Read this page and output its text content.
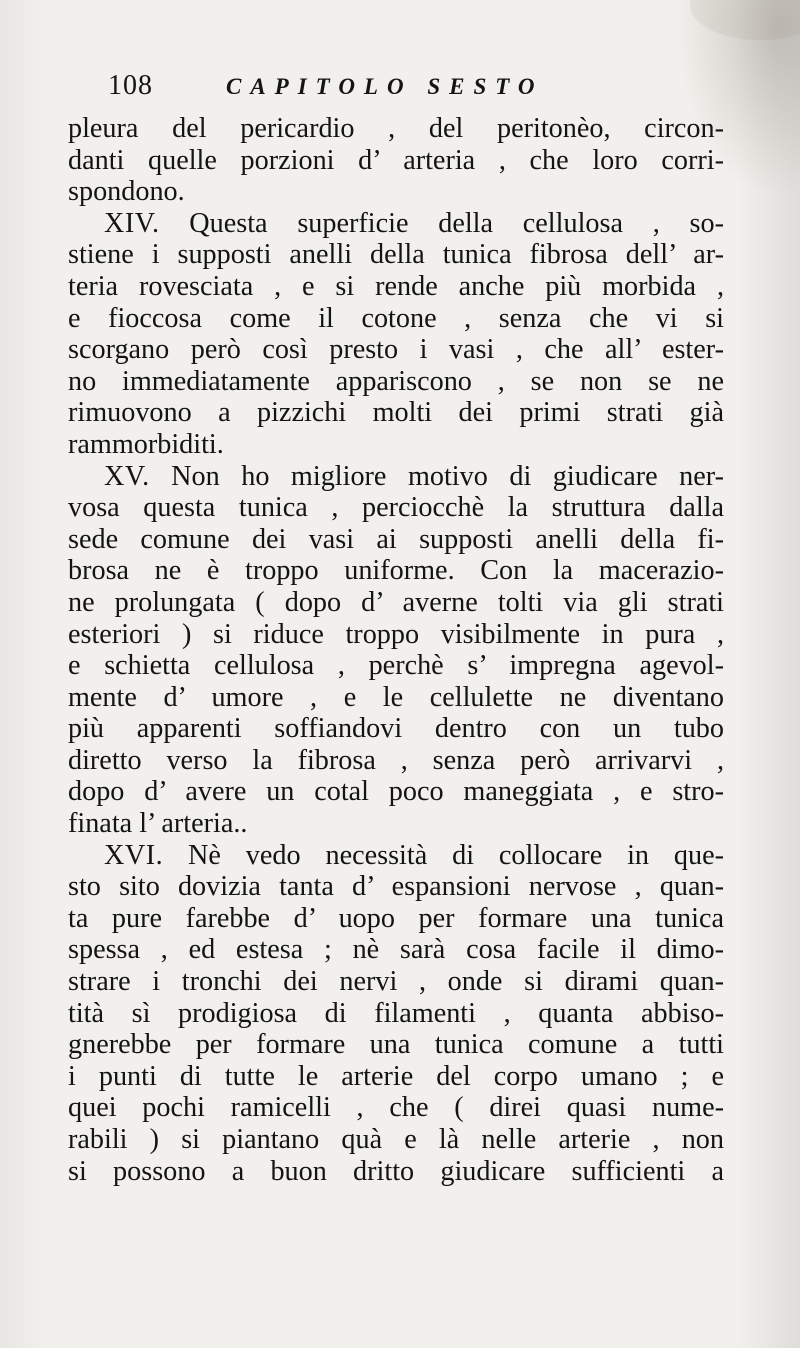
108	CAPITOLO SESTO
pleura del pericardio , del peritonèo, circon-
danti quelle porzioni d’ arteria , che loro corri-
spondono.
XIV. Questa superficie della cellulosa , so-
stiene i supposti anelli della tunica fibrosa dell’ ar-
teria rovesciata , e si rende anche più morbida ,
e fioccosa come il cotone , senza che vi si
scorgano però così presto i vasi , che all’ ester-
no immediatamente appariscono , se non se ne
rimuovono a pizzichi molti dei primi strati già
rammorbiditi.
XV. Non ho migliore motivo di giudicare ner-
vosa questa tunica , perciocchè la struttura dalla
sede comune dei vasi ai supposti anelli della fi-
brosa ne è troppo uniforme. Con la macerazio-
ne prolungata ( dopo d’ averne tolti via gli strati
esteriori ) si riduce troppo visibilmente in pura ,
e schietta cellulosa , perchè s’ impregna agevol-
mente d’ umore , e le cellulette ne diventano
più apparenti soffiandovi dentro con un tubo
diretto verso la fibrosa , senza però arrivarvi ,
dopo d’ avere un cotal poco maneggiata , e stro-
finata l’ arteria..
XVI. Nè vedo necessità di collocare in que-
sto sito dovizia tanta d’ espansioni nervose , quan-
ta pure farebbe d’ uopo per formare una tunica
spessa , ed estesa ; nè sarà cosa facile il dimo-
strare i tronchi dei nervi , onde si dirami quan-
tità sì prodigiosa di filamenti , quanta abbiso-
gnerebbe per formare una tunica comune a tutti
i punti di tutte le arterie del corpo umano ; e
quei pochi ramicelli , che ( direi quasi nume-
rabili ) si piantano quà e là nelle arterie , non
si possono a buon dritto giudicare sufficienti a
